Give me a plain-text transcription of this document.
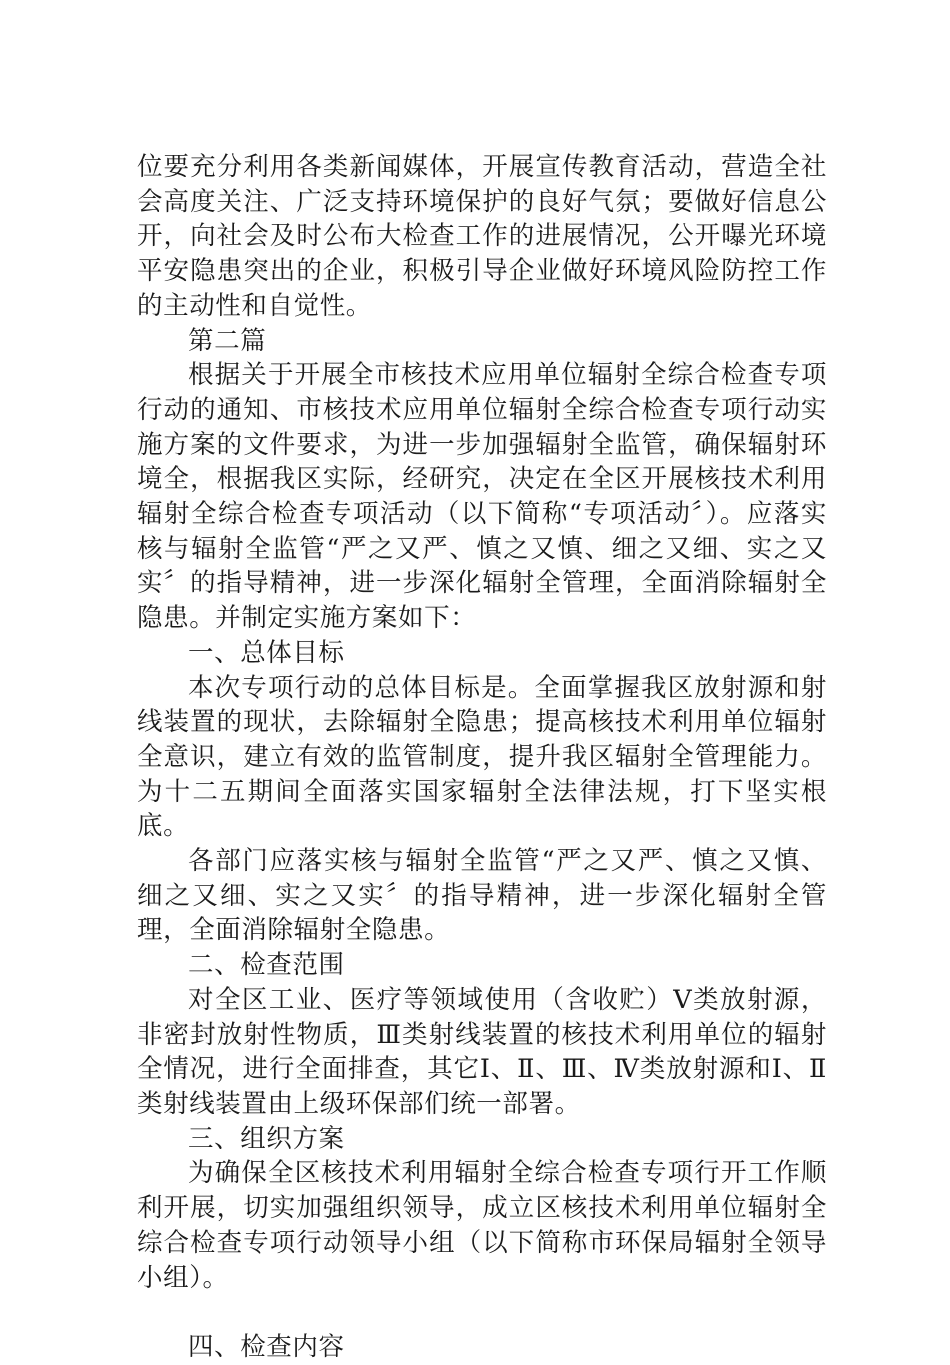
位要充分利用各类新闻媒体，开展宣传教育活动，营造全社会高度关注、广泛支持环境保护的良好气氛；要做好信息公开，向社会及时公布大检查工作的进展情况，公开曝光环境平安隐患突出的企业，积极引导企业做好环境风险防控工作的主动性和自觉性。

第二篇

根据关于开展全市核技术应用单位辐射全综合检查专项行动的通知、市核技术应用单位辐射全综合检查专项行动实施方案的文件要求，为进一步加强辐射全监管，确保辐射环境全，根据我区实际，经研究，决定在全区开展核技术利用辐射全综合检查专项活动（以下简称“专项活动〞）。应落实核与辐射全监管“严之又严、慎之又慎、细之又细、实之又实〞的指导精神，进一步深化辐射全管理，全面消除辐射全隐患。并制定实施方案如下：

一、总体目标

本次专项行动的总体目标是。全面掌握我区放射源和射线装置的现状，去除辐射全隐患；提高核技术利用单位辐射全意识，建立有效的监管制度，提升我区辐射全管理能力。为十二五期间全面落实国家辐射全法律法规，打下坚实根底。

各部门应落实核与辐射全监管“严之又严、慎之又慎、细之又细、实之又实〞的指导精神，进一步深化辐射全管理，全面消除辐射全隐患。

二、检查范围

对全区工业、医疗等领域使用（含收贮）Ⅴ类放射源，非密封放射性物质，Ⅲ类射线装置的核技术利用单位的辐射全情况，进行全面排查，其它Ⅰ、Ⅱ、Ⅲ、Ⅳ类放射源和Ⅰ、Ⅱ类射线装置由上级环保部们统一部署。

三、组织方案

为确保全区核技术利用辐射全综合检查专项行开工作顺利开展，切实加强组织领导，成立区核技术利用单位辐射全综合检查专项行动领导小组（以下简称市环保局辐射全领导小组）。

四、检查内容
